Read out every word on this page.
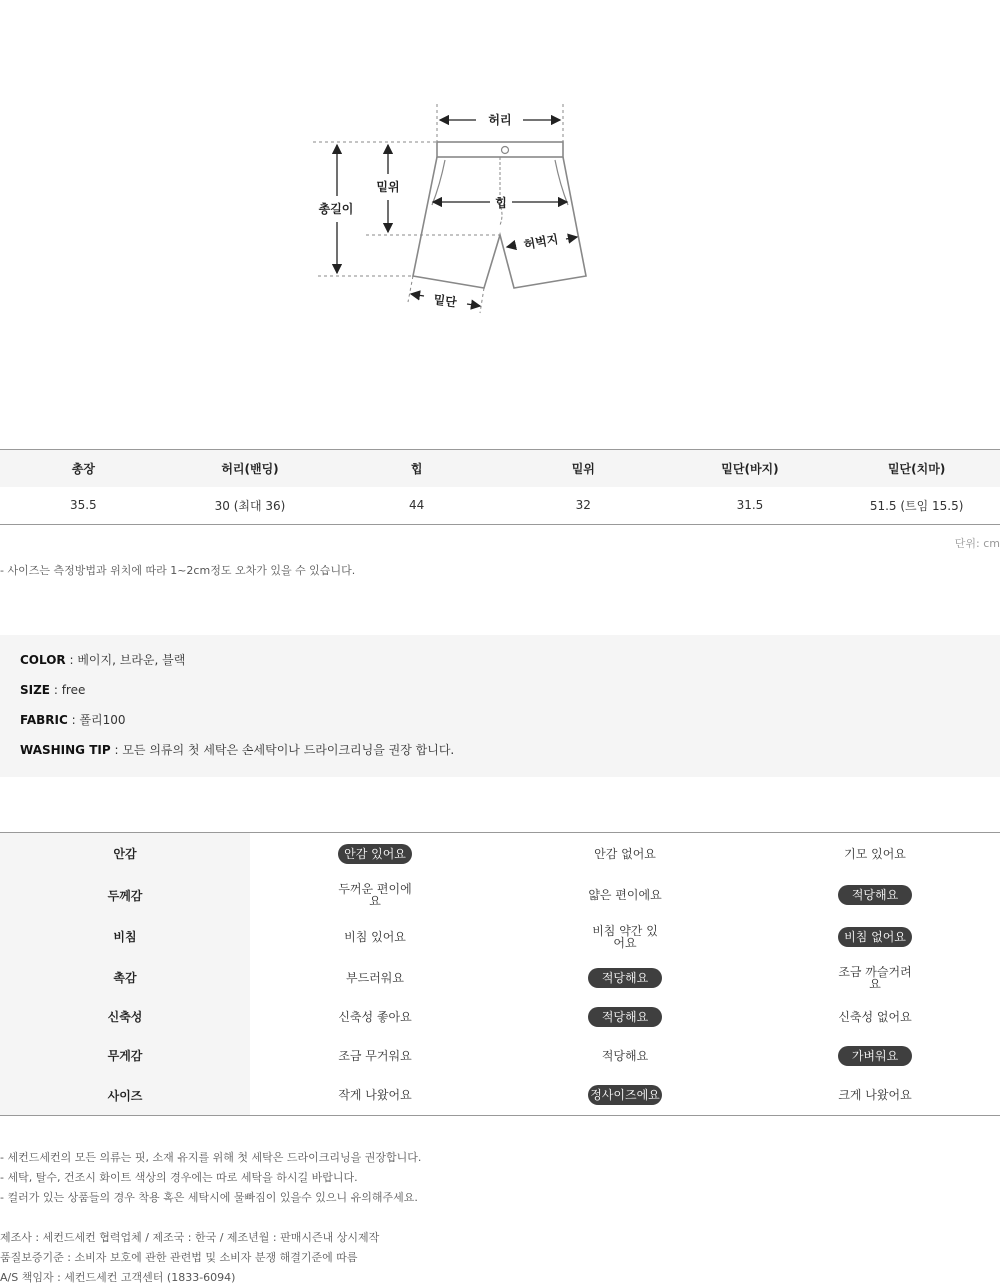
허리
총길이
밑위
힙
허벅지
밑단
총장	허리(밴딩)	힙	밑위	밑단(바지)	밑단(치마)
35.5	30 (최대 36)	44	32	31.5	51.5 (트임 15.5)
단위: cm
- 사이즈는 측정방법과 위치에 따라 1~2cm정도 오차가 있을 수 있습니다.
COLOR : 베이지, 브라운, 블랙
SIZE : free
FABRIC : 폴리100
WASHING TIP : 모든 의류의 첫 세탁은 손세탁이나 드라이크리닝을 권장 합니다.
안감	안감 있어요	안감 없어요	기모 있어요
두께감	두꺼운 편이에요	얇은 편이에요	적당해요
비침	비침 있어요	비침 약간 있어요	비침 없어요
촉감	부드러워요	적당해요	조금 까슬거려요
신축성	신축성 좋아요	적당해요	신축성 없어요
무게감	조금 무거워요	적당해요	가벼워요
사이즈	작게 나왔어요	정사이즈에요	크게 나왔어요
- 세컨드세컨의 모든 의류는 핏, 소재 유지를 위해 첫 세탁은 드라이크리닝을 권장합니다.
- 세탁, 탈수, 건조시 화이트 색상의 경우에는 따로 세탁을 하시길 바랍니다.
- 컬러가 있는 상품들의 경우 착용 혹은 세탁시에 물빠짐이 있을수 있으니 유의해주세요.
제조사 : 세컨드세컨 협력업체 / 제조국 : 한국 / 제조년월 : 판매시즌내 상시제작
품질보증기준 : 소비자 보호에 관한 관련법 및 소비자 분쟁 해결기준에 따름
A/S 책임자 : 세컨드세컨 고객센터 (1833-6094)
